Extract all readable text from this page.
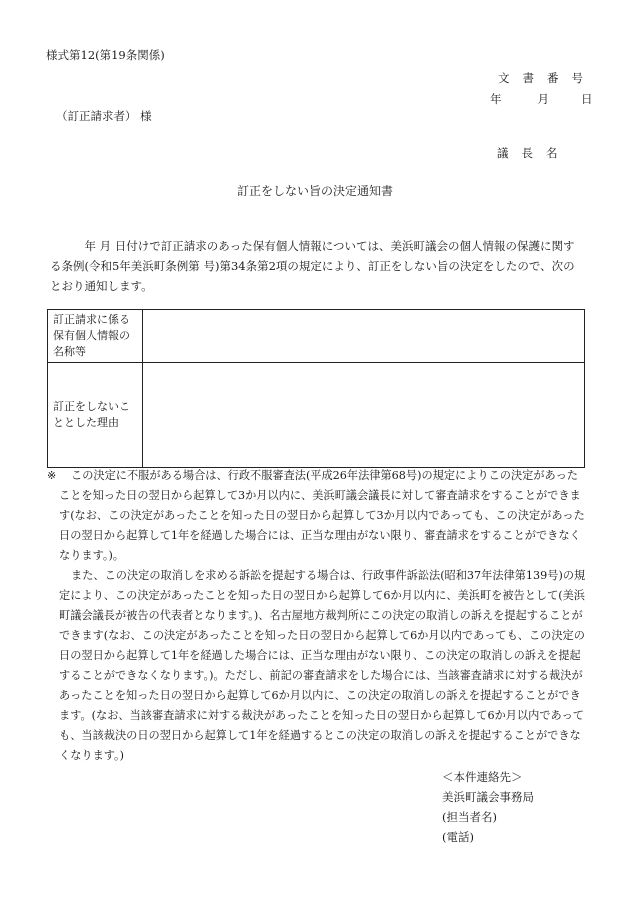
様式第12(第19条関係)
文書番号
年	月	日
（訂正請求者） 様
議長名
訂正をしない旨の決定通知書

　　　年 月 日付けで訂正請求のあった保有個人情報については、美浜町議会の個人情報の保護に関する条例(令和5年美浜町条例第 号)第34条第2項の規定により、訂正をしない旨の決定をしたので、次のとおり通知します。

訂正請求に係る保有個人情報の名称等	
訂正をしないこととした理由	
※	この決定に不服がある場合は、行政不服審査法(平成26年法律第68号)の規定によりこの決定があったことを知った日の翌日から起算して3か月以内に、美浜町議会議長に対して審査請求をすることができます(なお、この決定があったことを知った日の翌日から起算して3か月以内であっても、この決定があった日の翌日から起算して1年を経過した場合には、正当な理由がない限り、審査請求をすることができなくなります。)。

また、この決定の取消しを求める訴訟を提起する場合は、行政事件訴訟法(昭和37年法律第139号)の規定により、この決定があったことを知った日の翌日から起算して6か月以内に、美浜町を被告として(美浜町議会議長が被告の代表者となります。)、名古屋地方裁判所にこの決定の取消しの訴えを提起することができます(なお、この決定があったことを知った日の翌日から起算して6か月以内であっても、この決定の日の翌日から起算して1年を経過した場合には、正当な理由がない限り、この決定の取消しの訴えを提起することができなくなります。)。ただし、前記の審査請求をした場合には、当該審査請求に対する裁決があったことを知った日の翌日から起算して6か月以内に、この決定の取消しの訴えを提起することができます。(なお、当該審査請求に対する裁決があったことを知った日の翌日から起算して6か月以内であっても、当該裁決の日の翌日から起算して1年を経過するとこの決定の取消しの訴えを提起することができなくなります。)

＜本件連絡先＞
美浜町議会事務局
(担当者名)
(電話)
